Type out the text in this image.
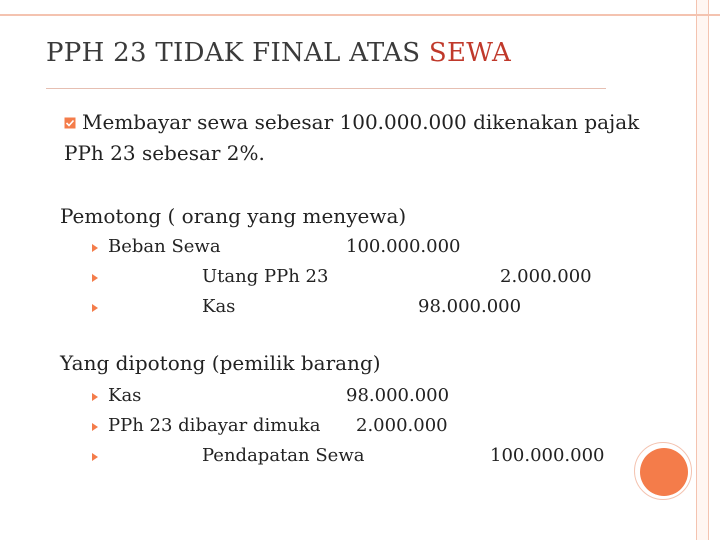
PPH 23 TIDAK FINAL ATAS SEWA
Membayar sewa sebesar 100.000.000 dikenakan pajak PPh 23 sebesar 2%.
Pemotong ( orang yang menyewa)
Beban Sewa	100.000.000
Utang PPh 23	2.000.000
Kas	98.000.000
Yang dipotong (pemilik barang)
Kas	98.000.000
PPh 23 dibayar dimuka 2.000.000
Pendapatan Sewa	100.000.000
